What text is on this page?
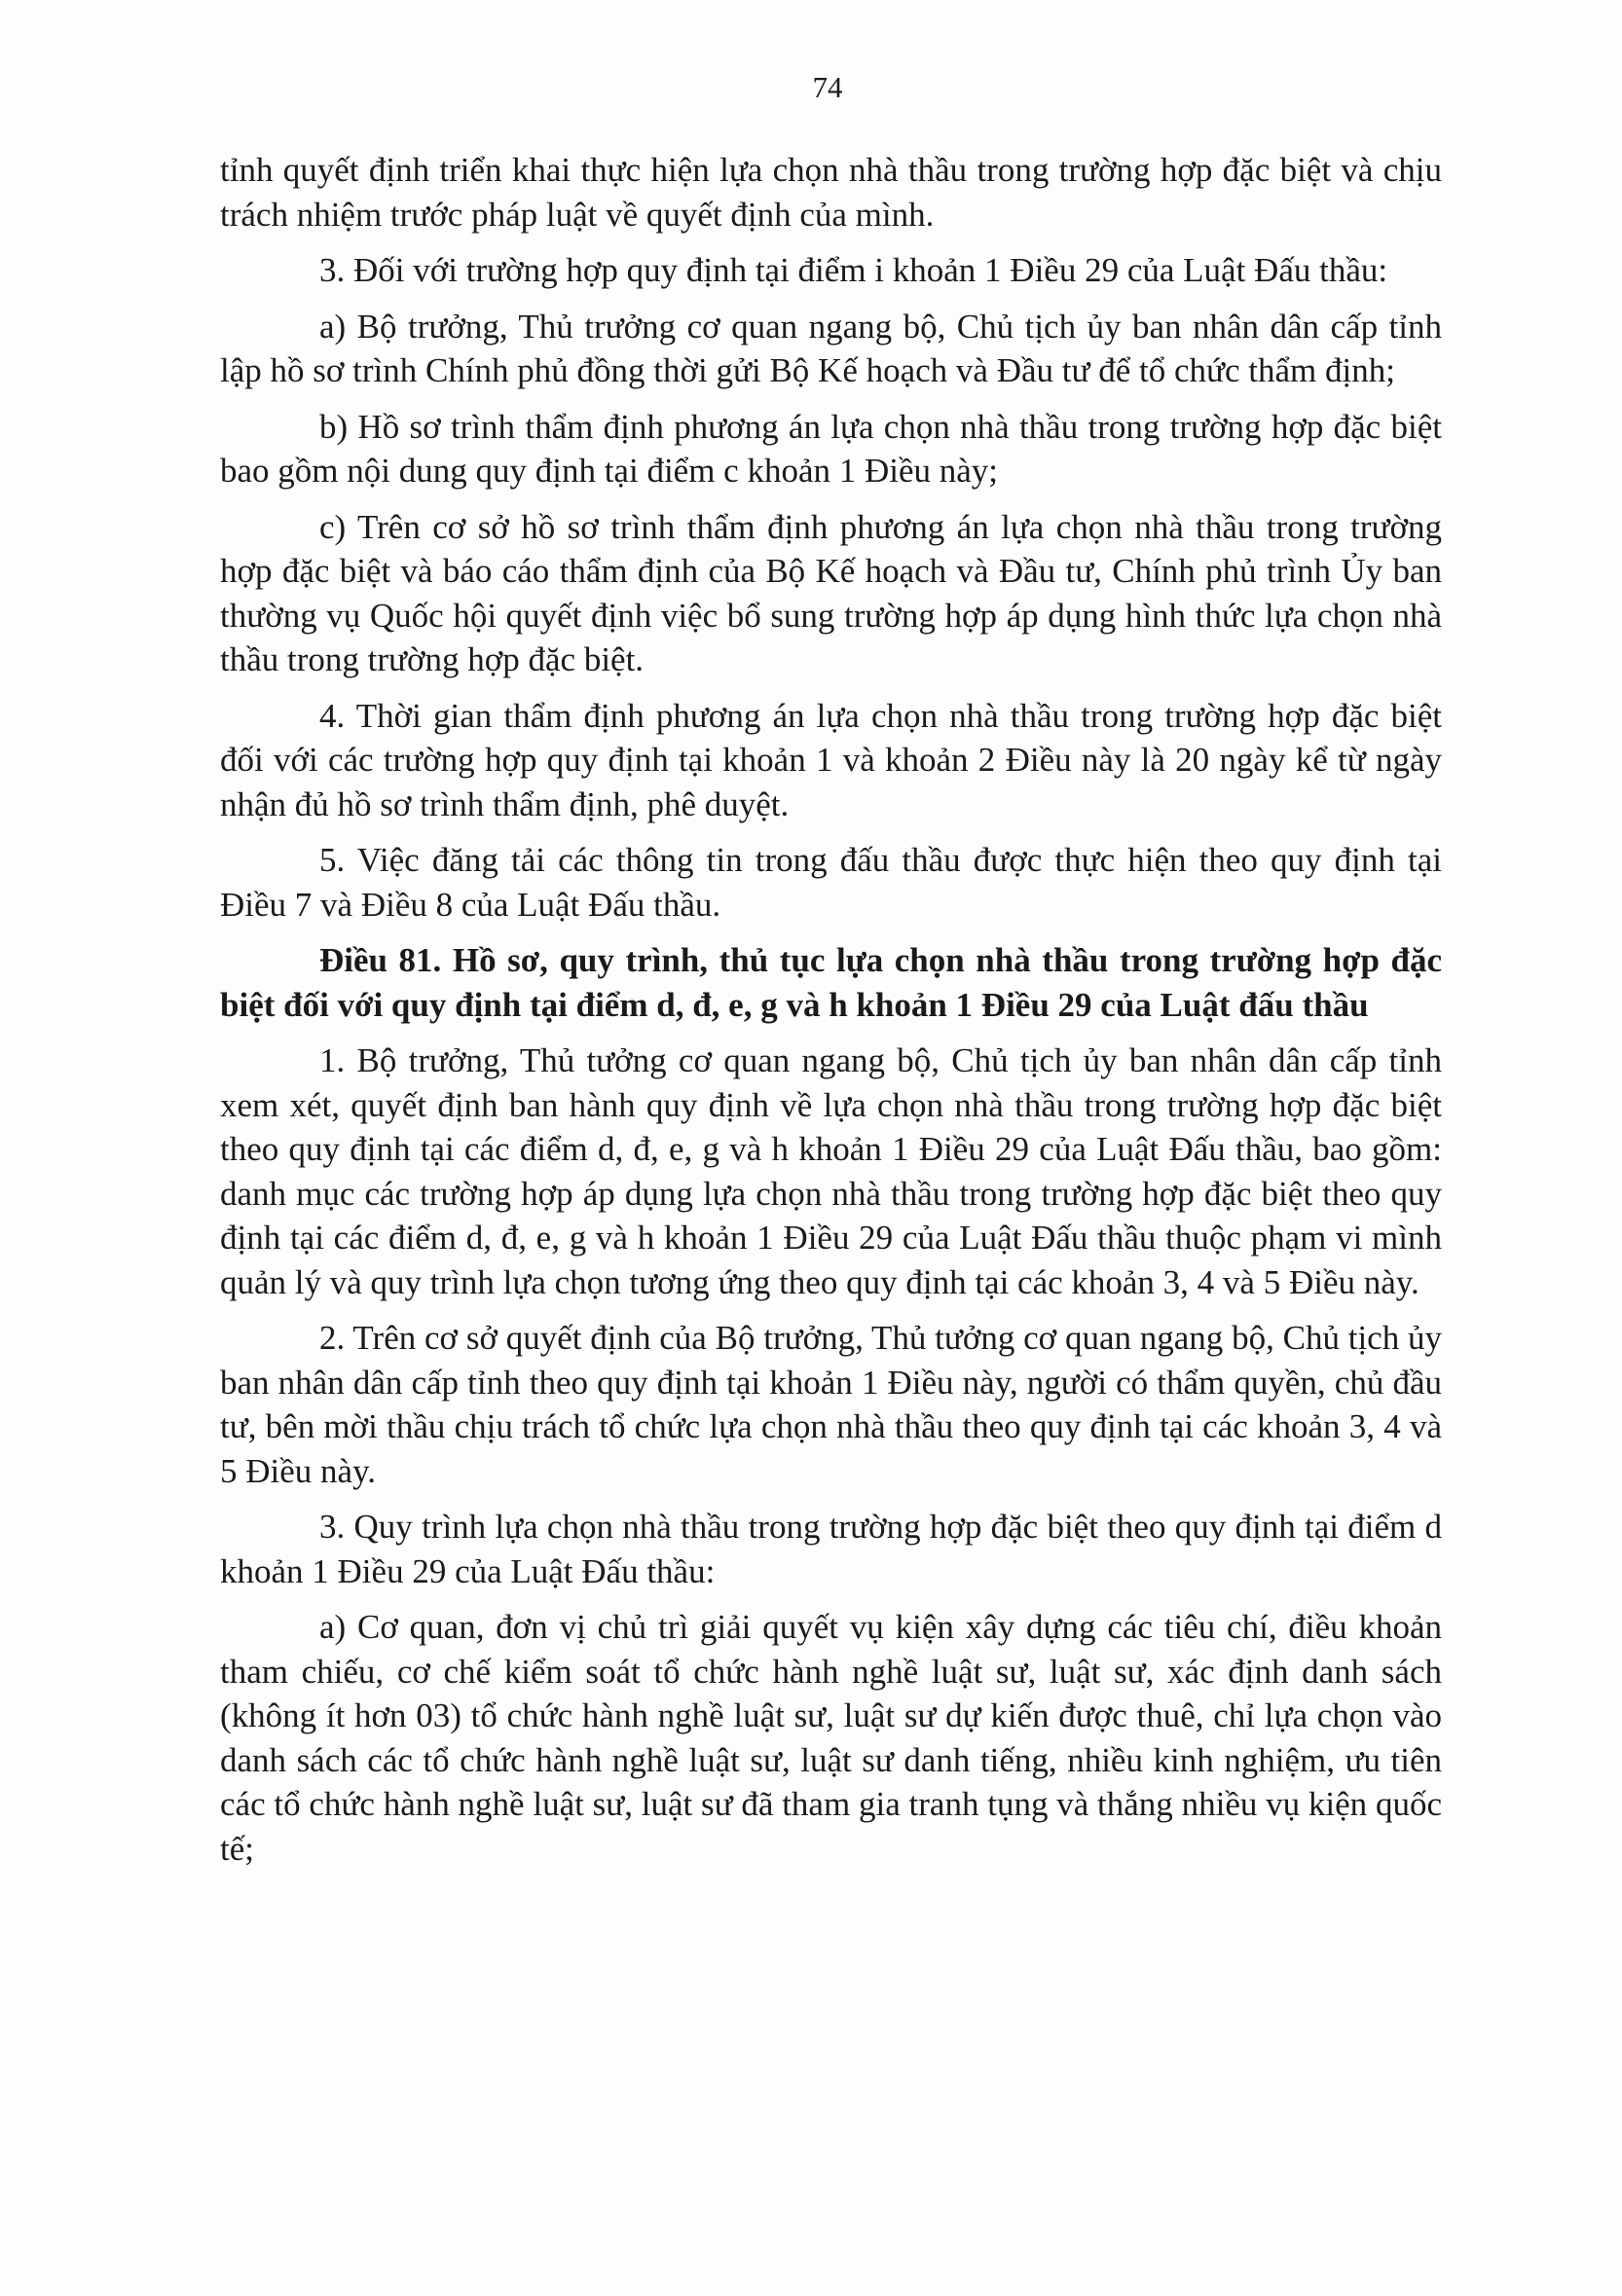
74

tỉnh quyết định triển khai thực hiện lựa chọn nhà thầu trong trường hợp đặc biệt và chịu trách nhiệm trước pháp luật về quyết định của mình.

3. Đối với trường hợp quy định tại điểm i khoản 1 Điều 29 của Luật Đấu thầu:

a) Bộ trưởng, Thủ trưởng cơ quan ngang bộ, Chủ tịch ủy ban nhân dân cấp tỉnh lập hồ sơ trình Chính phủ đồng thời gửi Bộ Kế hoạch và Đầu tư để tổ chức thẩm định;

b) Hồ sơ trình thẩm định phương án lựa chọn nhà thầu trong trường hợp đặc biệt bao gồm nội dung quy định tại điểm c khoản 1 Điều này;

c) Trên cơ sở hồ sơ trình thẩm định phương án lựa chọn nhà thầu trong trường hợp đặc biệt và báo cáo thẩm định của Bộ Kế hoạch và Đầu tư, Chính phủ trình Ủy ban thường vụ Quốc hội quyết định việc bổ sung trường hợp áp dụng hình thức lựa chọn nhà thầu trong trường hợp đặc biệt.

4. Thời gian thẩm định phương án lựa chọn nhà thầu trong trường hợp đặc biệt đối với các trường hợp quy định tại khoản 1 và khoản 2 Điều này là 20 ngày kể từ ngày nhận đủ hồ sơ trình thẩm định, phê duyệt.

5. Việc đăng tải các thông tin trong đấu thầu được thực hiện theo quy định tại Điều 7 và Điều 8 của Luật Đấu thầu.

Điều 81. Hồ sơ, quy trình, thủ tục lựa chọn nhà thầu trong trường hợp đặc biệt đối với quy định tại điểm d, đ, e, g và h khoản 1 Điều 29 của Luật đấu thầu

1. Bộ trưởng, Thủ tưởng cơ quan ngang bộ, Chủ tịch ủy ban nhân dân cấp tỉnh xem xét, quyết định ban hành quy định về lựa chọn nhà thầu trong trường hợp đặc biệt theo quy định tại các điểm d, đ, e, g và h khoản 1 Điều 29 của Luật Đấu thầu, bao gồm: danh mục các trường hợp áp dụng lựa chọn nhà thầu trong trường hợp đặc biệt theo quy định tại các điểm d, đ, e, g và h khoản 1 Điều 29 của Luật Đấu thầu thuộc phạm vi mình quản lý và quy trình lựa chọn tương ứng theo quy định tại các khoản 3, 4 và 5 Điều này.

2. Trên cơ sở quyết định của Bộ trưởng, Thủ tưởng cơ quan ngang bộ, Chủ tịch ủy ban nhân dân cấp tỉnh theo quy định tại khoản 1 Điều này, người có thẩm quyền, chủ đầu tư, bên mời thầu chịu trách tổ chức lựa chọn nhà thầu theo quy định tại các khoản 3, 4 và 5 Điều này.

3. Quy trình lựa chọn nhà thầu trong trường hợp đặc biệt theo quy định tại điểm d khoản 1 Điều 29 của Luật Đấu thầu:

a) Cơ quan, đơn vị chủ trì giải quyết vụ kiện xây dựng các tiêu chí, điều khoản tham chiếu, cơ chế kiểm soát tổ chức hành nghề luật sư, luật sư, xác định danh sách (không ít hơn 03) tổ chức hành nghề luật sư, luật sư dự kiến được thuê, chỉ lựa chọn vào danh sách các tổ chức hành nghề luật sư, luật sư danh tiếng, nhiều kinh nghiệm, ưu tiên các tổ chức hành nghề luật sư, luật sư đã tham gia tranh tụng và thắng nhiều vụ kiện quốc tế;
